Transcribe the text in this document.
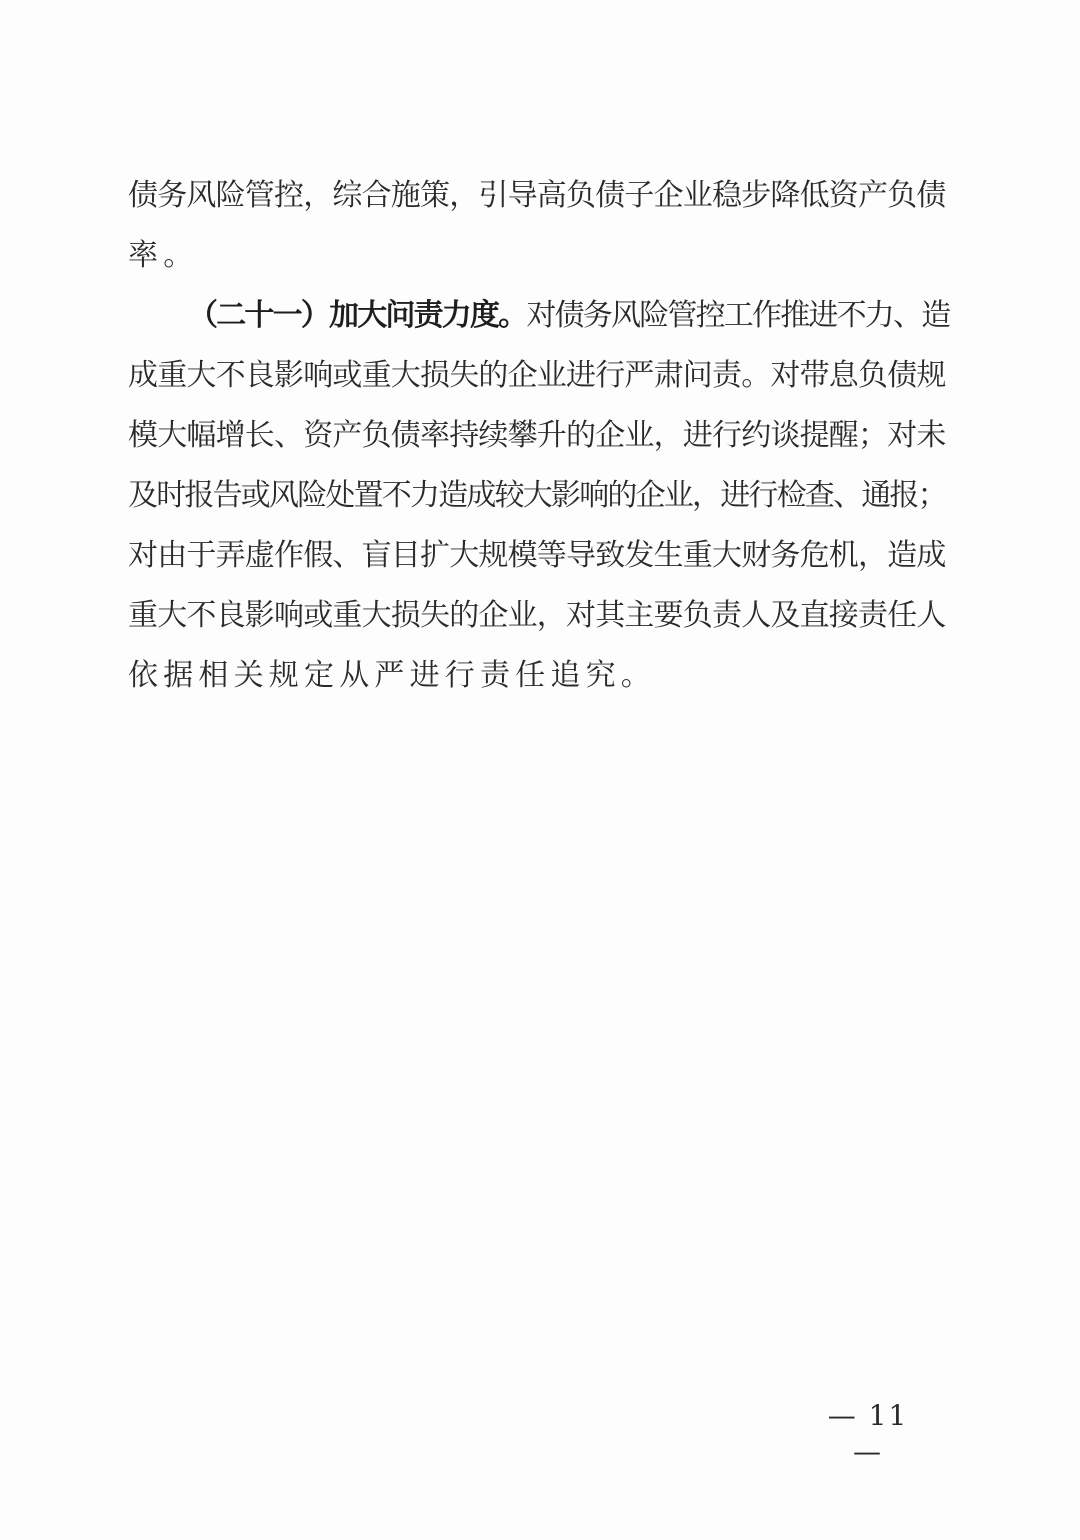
债务风险管控，综合施策，引导高负债子企业稳步降低资产负债
率。
（二十一）加大问责力度。对债务风险管控工作推进不力、造
成重大不良影响或重大损失的企业进行严肃问责。对带息负债规
模大幅增长、资产负债率持续攀升的企业，进行约谈提醒；对未
及时报告或风险处置不力造成较大影响的企业，进行检查、通报；
对由于弄虚作假、盲目扩大规模等导致发生重大财务危机，造成
重大不良影响或重大损失的企业，对其主要负责人及直接责任人
依据相关规定从严进行责任追究。
— 11 —
